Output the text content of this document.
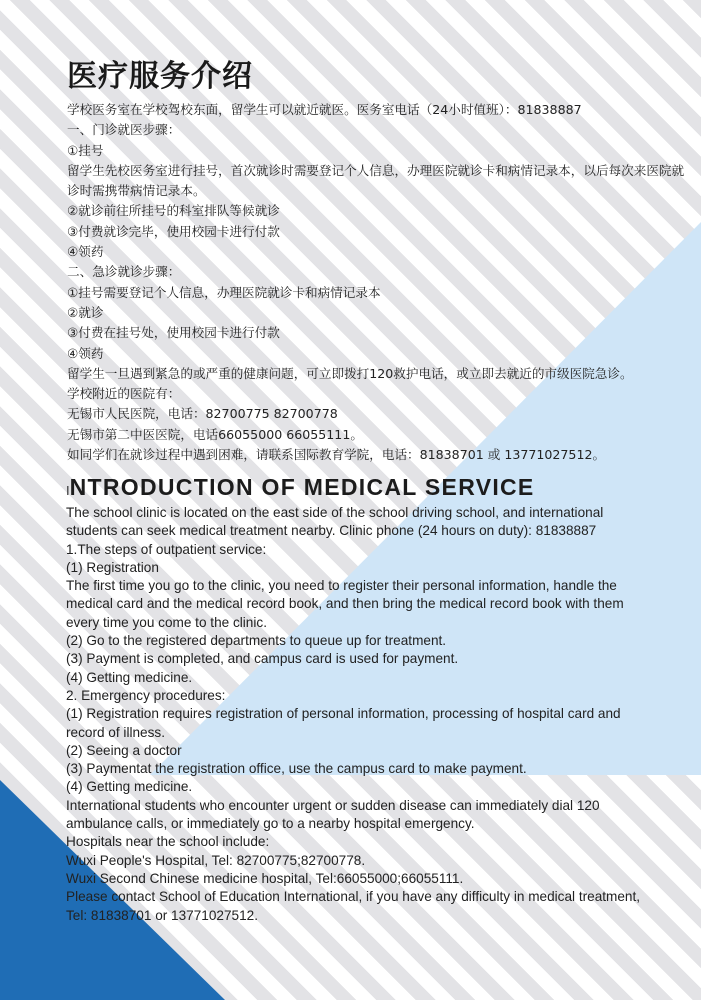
医疗服务介绍

学校医务室在学校驾校东面，留学生可以就近就医。医务室电话（24小时值班）：81838887

一、门诊就医步骤：

①挂号

留学生先校医务室进行挂号，首次就诊时需要登记个人信息，办理医院就诊卡和病情记录本，以后每次来医院就诊时需携带病情记录本。

②就诊前往所挂号的科室排队等候就诊

③付费就诊完毕，使用校园卡进行付款

④领药

二、急诊就诊步骤：

①挂号需要登记个人信息，办理医院就诊卡和病情记录本

②就诊

③付费在挂号处，使用校园卡进行付款

④领药

留学生一旦遇到紧急的或严重的健康问题，可立即拨打120救护电话，或立即去就近的市级医院急诊。

学校附近的医院有：

无锡市人民医院，电话：82700775 82700778

无锡市第二中医医院，电话66055000 66055111。

如同学们在就诊过程中遇到困难，请联系国际教育学院，电话：81838701 或 13771027512。

INTRODUCTION OF MEDICAL SERVICE

The school clinic is located on the east side of the school driving school, and international students can seek medical treatment nearby. Clinic phone (24 hours on duty): 81838887

1.The steps of outpatient service:

(1) Registration

The first time you go to the clinic, you need to register their personal information, handle the medical card and the medical record book, and then bring the medical record book with them every time you come to the clinic.

(2) Go to the registered departments to queue up for treatment.

(3) Payment is completed, and campus card is used for payment.

(4) Getting medicine.

2. Emergency procedures:

(1) Registration requires registration of personal information, processing of hospital card and record of illness.

(2) Seeing a doctor

(3) Paymentat the registration office, use the campus card to make payment.

(4) Getting medicine.

International students who encounter urgent or sudden disease can immediately dial 120 ambulance calls, or immediately go to a nearby hospital emergency.

Hospitals near the school include:

Wuxi People's Hospital, Tel: 82700775;82700778.

Wuxi Second Chinese medicine hospital, Tel:66055000;66055111.

Please contact School of Education International, if you have any difficulty in medical treatment, Tel: 81838701 or 13771027512.
